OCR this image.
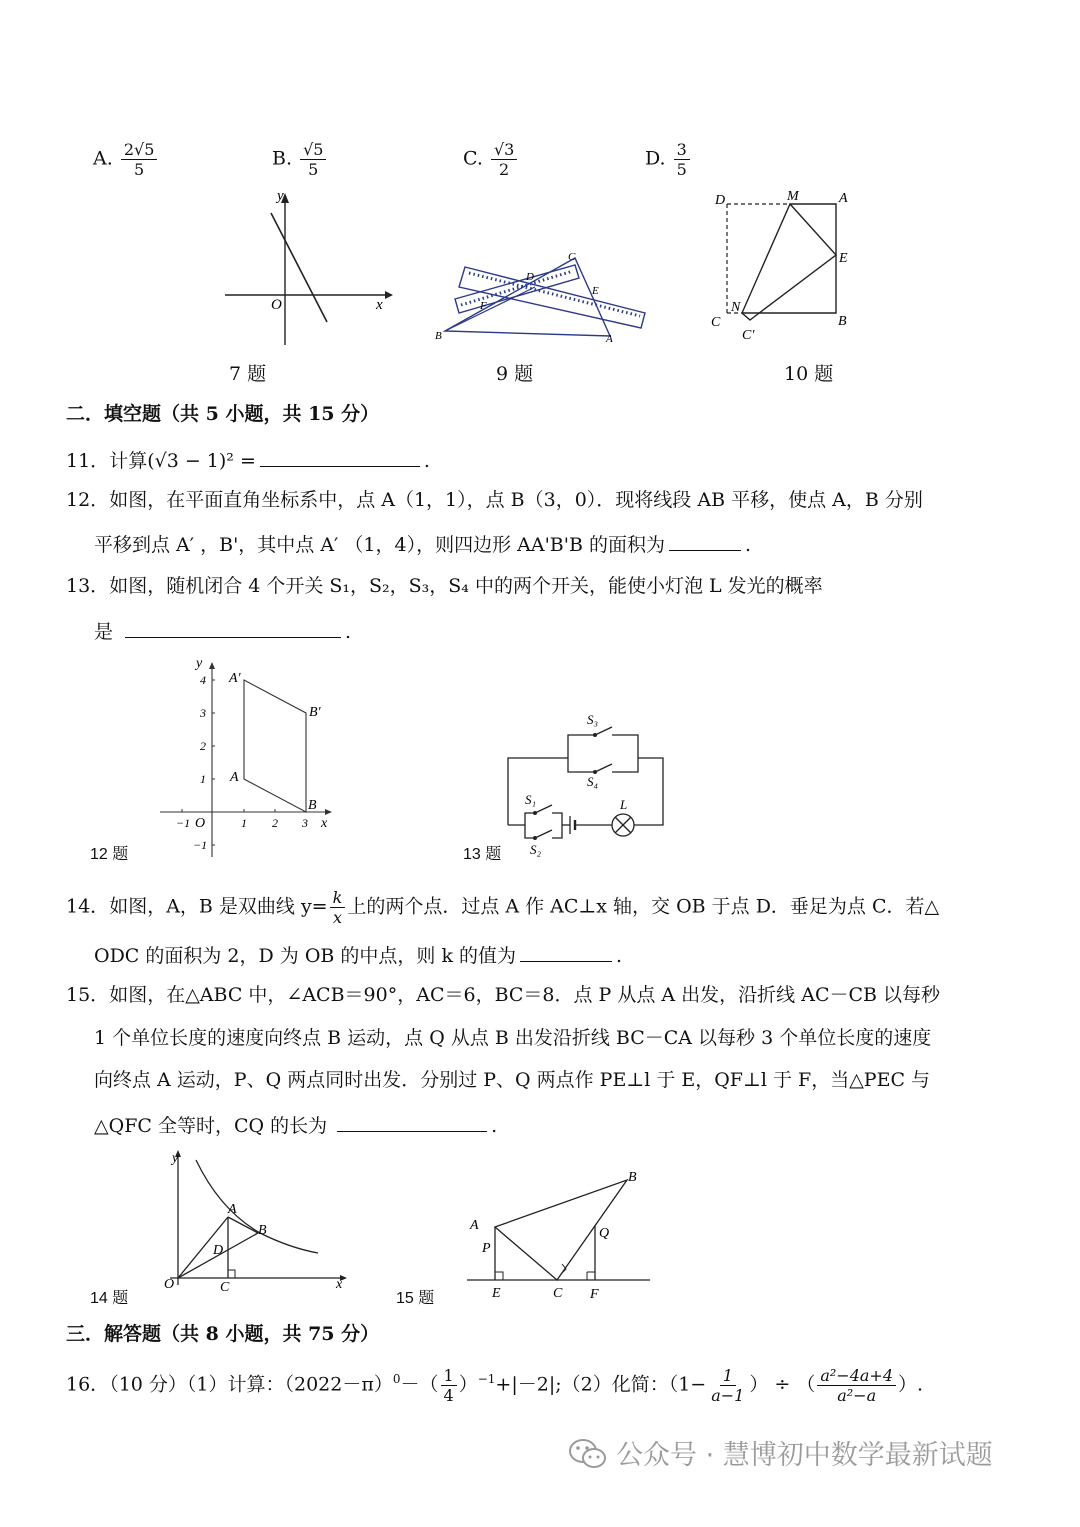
A. $\frac{2√5}{5}$	B. $\frac{√5}{5}$	C. $\frac{√3}{2}$	D. $\frac{3}{5}$
x
y
O
7 题
B	A
C
D
E
F
9 题
D	M	A
E
B
C
N
C′
10 题
二．填空题（共 5 小题，共 15 分）
11．计算(√3 − 1)² =	.
12．如图，在平面直角坐标系中，点 A（1，1），点 B（3，0）．现将线段 AB 平移，使点 A，B 分别
平移到点 A′ ，B'，其中点 A′ （1，4），则四边形 AA'B'B 的面积为	.
13．如图，随机闭合 4 个开关 S₁，S₂，S₃，S₄ 中的两个开关，能使小灯泡 L 发光的概率
是	.
−1	1 2 3
4
3
2
1
−1
O	x
y
A′
A
B′
B
12 题
S₃
S₄
S₁
S₂
L
13 题
14．如图，A，B 是双曲线 $y= \frac{k}{x}$ 上的两个点．过点 A 作 AC⊥x 轴，交 OB 于点 D．垂足为点 C．若△
ODC 的面积为 2，D 为 OB 的中点，则 k 的值为	.
15．如图，在△ABC 中，∠ACB＝90°，AC＝6，BC＝8．点 P 从点 A 出发，沿折线 AC－CB 以每秒
1 个单位长度的速度向终点 B 运动，点 Q 从点 B 出发沿折线 BC－CA 以每秒 3 个单位长度的速度
向终点 A 运动，P、Q 两点同时出发．分别过 P、Q 两点作 PE⊥l 于 E，QF⊥l 于 F，当△PEC 与
△QFC 全等时，CQ 的长为	.
y
x
O
A
B
D
C
14 题
A
B
C
E	F
P
Q
15 题
三．解答题（共 8 小题，共 75 分）
16．（10 分）（1）计算：$(2022-\pi)^0-( \frac{1}{4}$ ）$^{-1}+|-2|;(2)$化简：（$1- \frac{1}{a-1}$ ） ÷ （ $\frac{\text{a²−4a+4}}{\text{a²−a}}$ ）.
公众号 · 慧博初中数学最新试题
